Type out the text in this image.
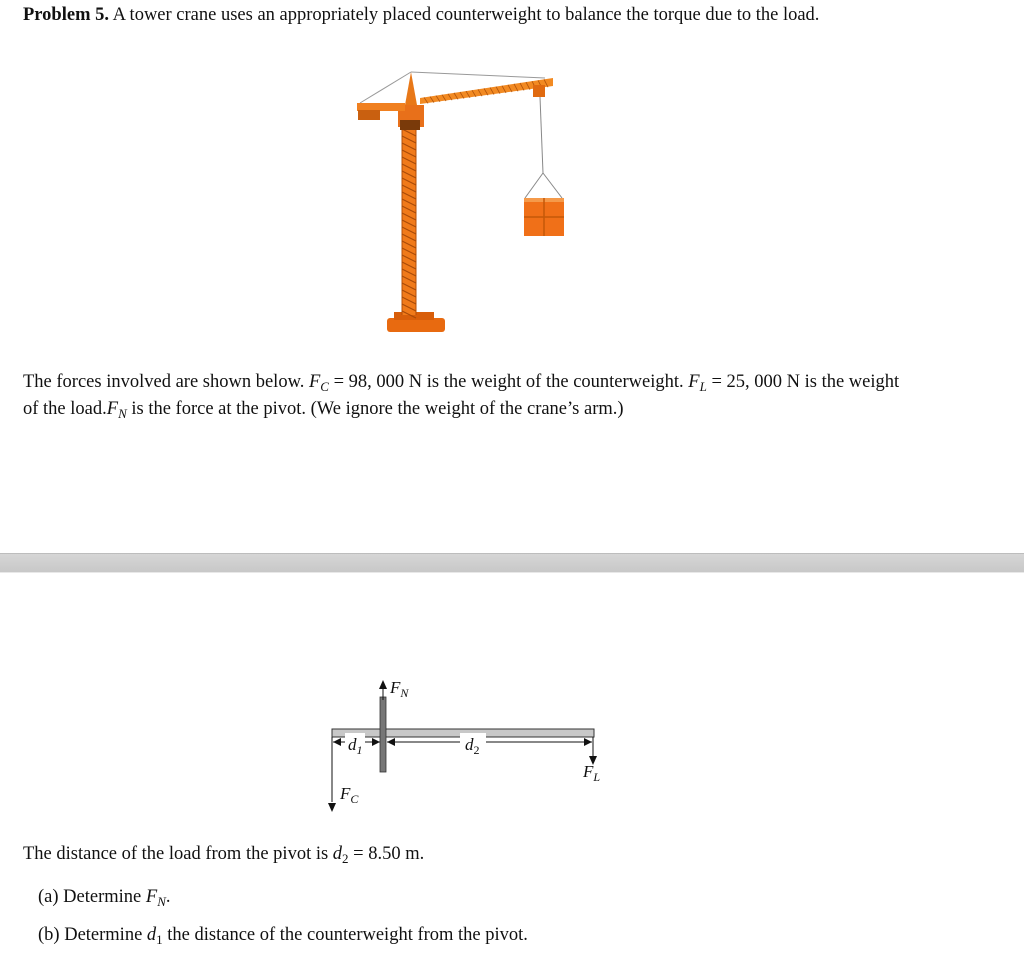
Problem 5. A tower crane uses an appropriately placed counterweight to balance the torque due to the load.
$F_N$
$d_1$	$d_2$
$F_L$
$F_C$
The forces involved are shown below. $F_C = 98$, 000 N is the weight of the counterweight. $F_L = 25$, 000 N is the weight of the $load.F_N$ is the force at the pivot. (We ignore the weight of the crane’s arm.)
The distance of the load from the pivot is $d_2 = 8.50$ m.
(a) Determine $F_N$.
(b) Determine $d_1$ the distance of the counterweight from the pivot.
